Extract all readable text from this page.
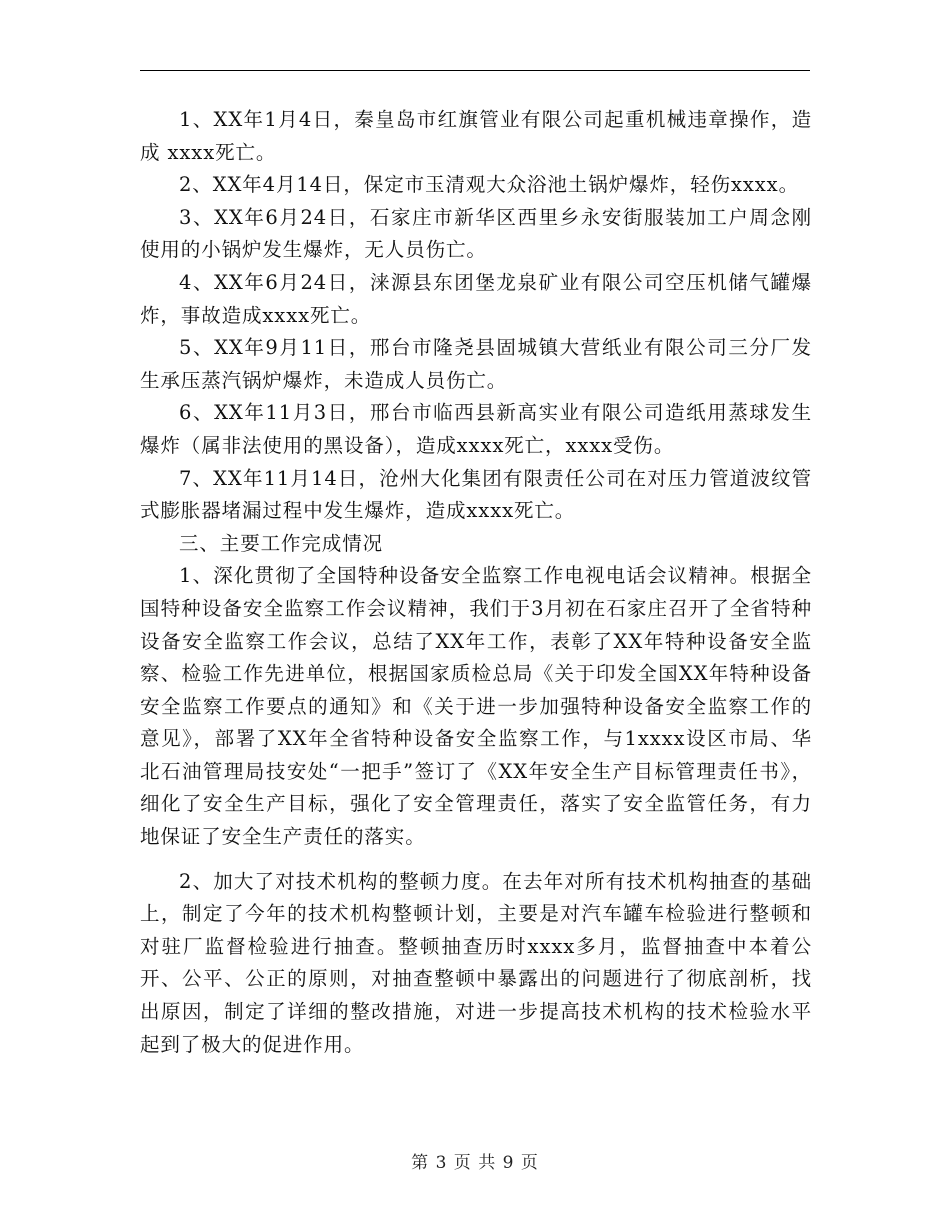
1、XX年1月4日，秦皇岛市红旗管业有限公司起重机械违章操作，造成 xxxx死亡。

2、XX年4月14日，保定市玉清观大众浴池土锅炉爆炸，轻伤xxxx。

3、XX年6月24日，石家庄市新华区西里乡永安街服装加工户周念刚使用的小锅炉发生爆炸，无人员伤亡。

4、XX年6月24日，涞源县东团堡龙泉矿业有限公司空压机储气罐爆炸，事故造成xxxx死亡。

5、XX年9月11日，邢台市隆尧县固城镇大营纸业有限公司三分厂发生承压蒸汽锅炉爆炸，未造成人员伤亡。

6、XX年11月3日，邢台市临西县新高实业有限公司造纸用蒸球发生爆炸（属非法使用的黑设备），造成xxxx死亡，xxxx受伤。

7、XX年11月14日，沧州大化集团有限责任公司在对压力管道波纹管式膨胀器堵漏过程中发生爆炸，造成xxxx死亡。

三、主要工作完成情况

1、深化贯彻了全国特种设备安全监察工作电视电话会议精神。根据全国特种设备安全监察工作会议精神，我们于3月初在石家庄召开了全省特种设备安全监察工作会议，总结了XX年工作，表彰了XX年特种设备安全监察、检验工作先进单位，根据国家质检总局《关于印发全国XX年特种设备安全监察工作要点的通知》和《关于进一步加强特种设备安全监察工作的意见》，部署了XX年全省特种设备安全监察工作，与1xxxx设区市局、华北石油管理局技安处“一把手”签订了《XX年安全生产目标管理责任书》，细化了安全生产目标，强化了安全管理责任，落实了安全监管任务，有力地保证了安全生产责任的落实。

2、加大了对技术机构的整顿力度。在去年对所有技术机构抽查的基础上，制定了今年的技术机构整顿计划，主要是对汽车罐车检验进行整顿和对驻厂监督检验进行抽查。整顿抽查历时xxxx多月，监督抽查中本着公开、公平、公正的原则，对抽查整顿中暴露出的问题进行了彻底剖析，找出原因，制定了详细的整改措施，对进一步提高技术机构的技术检验水平起到了极大的促进作用。

第 3 页 共 9 页
